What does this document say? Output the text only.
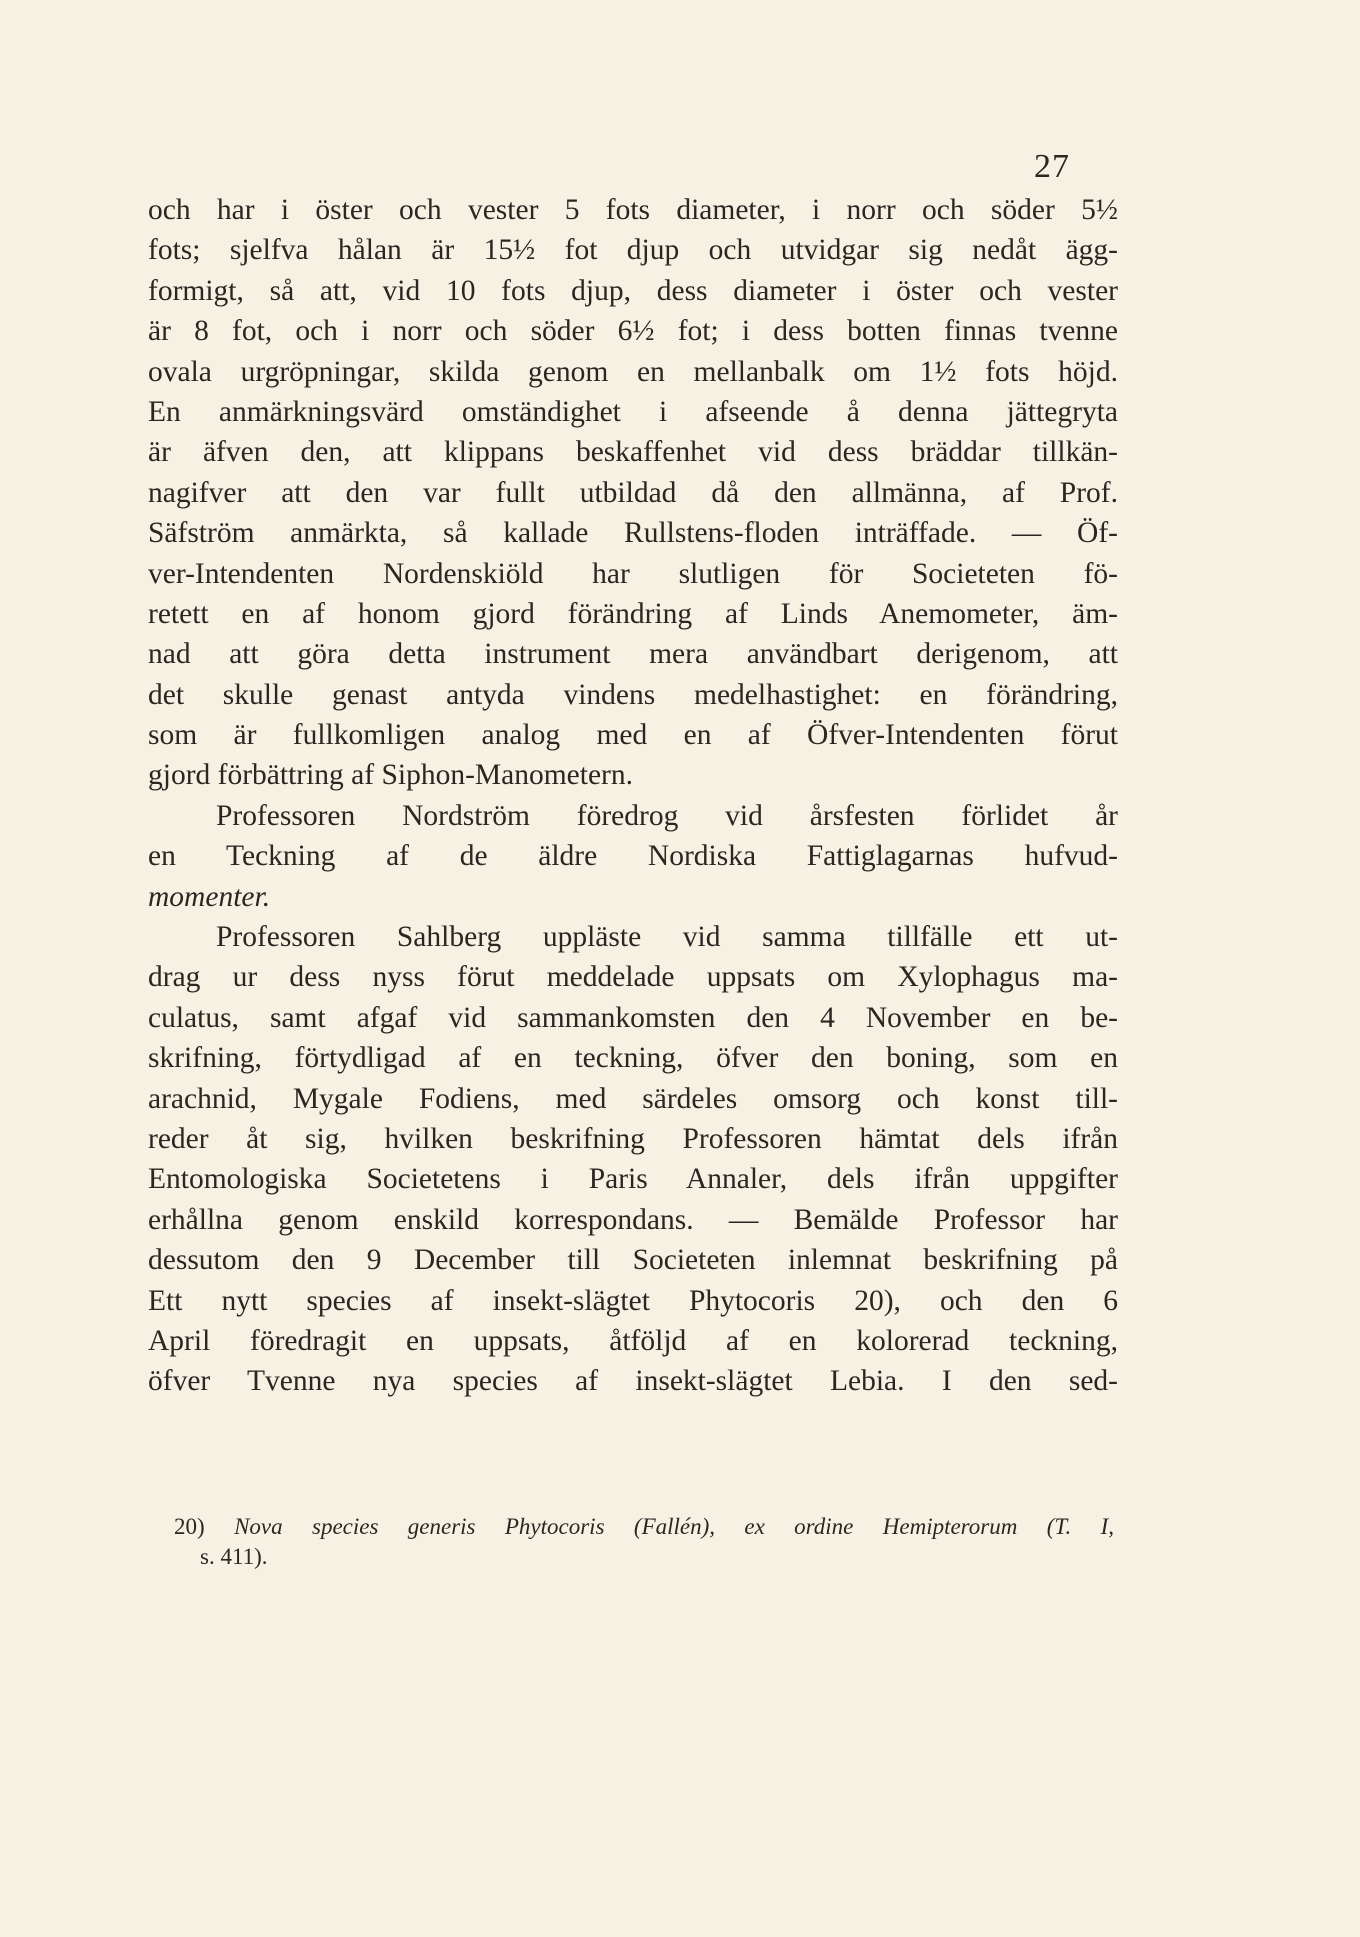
27
och har i öster och vester 5 fots diameter, i norr och söder 5½
fots; sjelfva hålan är 15½ fot djup och utvidgar sig nedåt ägg-
formigt, så att, vid 10 fots djup, dess diameter i öster och vester
är 8 fot, och i norr och söder 6½ fot; i dess botten finnas tvenne
ovala urgröpningar, skilda genom en mellanbalk om 1½ fots höjd.
En anmärkningsvärd omständighet i afseende å denna jättegryta
är äfven den, att klippans beskaffenhet vid dess bräddar tillkän-
nagifver att den var fullt utbildad då den allmänna, af Prof.
Säfström anmärkta, så kallade Rullstens-floden inträffade. — Öf-
ver-Intendenten Nordenskiöld har slutligen för Societeten fö-
retett en af honom gjord förändring af Linds Anemometer, äm-
nad att göra detta instrument mera användbart derigenom, att
det skulle genast antyda vindens medelhastighet: en förändring,
som är fullkomligen analog med en af Öfver-Intendenten förut
gjord förbättring af Siphon-Manometern.
Professoren Nordström föredrog vid årsfesten förlidet år
en Teckning af de äldre Nordiska Fattiglagarnas hufvud-
momenter.
Professoren Sahlberg uppläste vid samma tillfälle ett ut-
drag ur dess nyss förut meddelade uppsats om Xylophagus ma-
culatus, samt afgaf vid sammankomsten den 4 November en be-
skrifning, förtydligad af en teckning, öfver den boning, som en
arachnid, Mygale Fodiens, med särdeles omsorg och konst till-
reder åt sig, hvilken beskrifning Professoren hämtat dels ifrån
Entomologiska Societetens i Paris Annaler, dels ifrån uppgifter
erhållna genom enskild korrespondans. — Bemälde Professor har
dessutom den 9 December till Societeten inlemnat beskrifning på
Ett nytt species af insekt-slägtet Phytocoris 20), och den 6
April föredragit en uppsats, åtföljd af en kolorerad teckning,
öfver Tvenne nya species af insekt-slägtet Lebia. I den sed-
20) Nova species generis Phytocoris (Fallén), ex ordine Hemipterorum (T. I,
s. 411).
